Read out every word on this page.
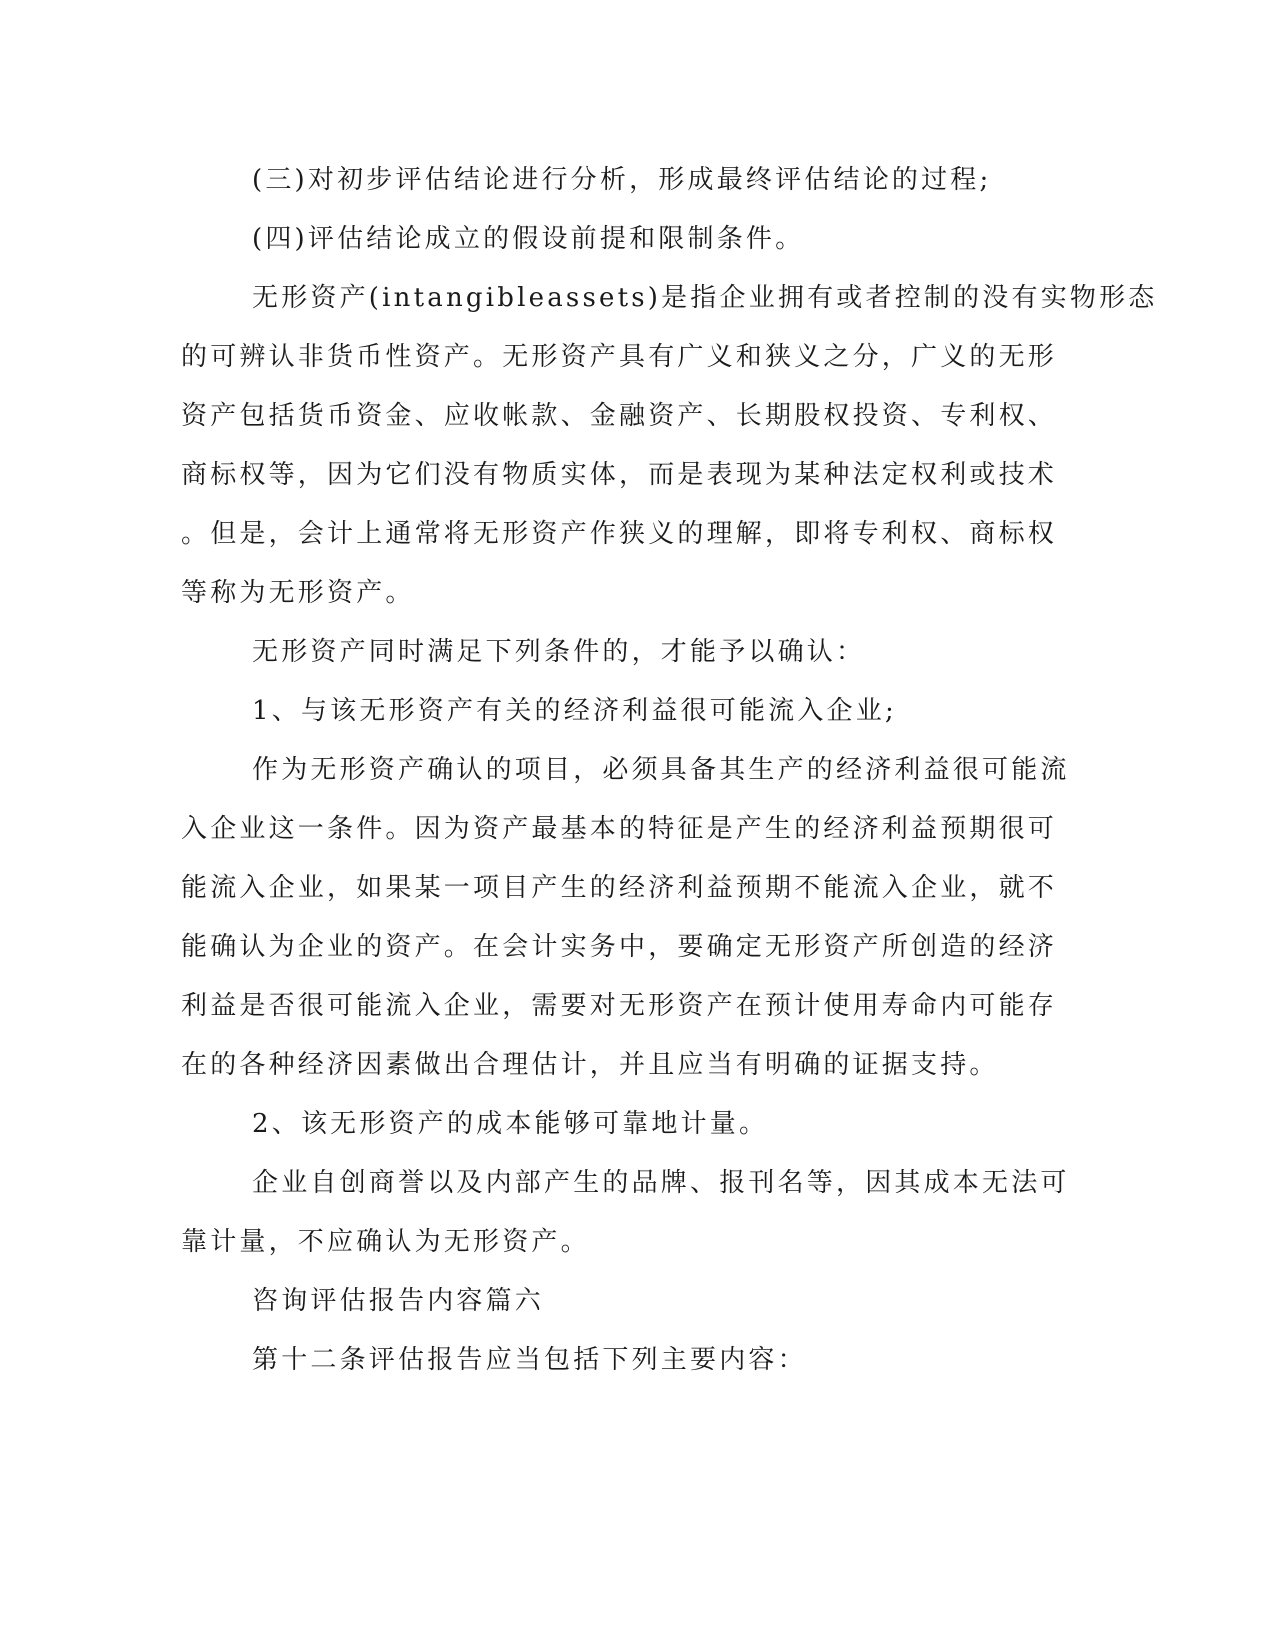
(三)对初步评估结论进行分析，形成最终评估结论的过程;
(四)评估结论成立的假设前提和限制条件。
无形资产(intangibleassets)是指企业拥有或者控制的没有实物形态
的可辨认非货币性资产。无形资产具有广义和狭义之分，广义的无形
资产包括货币资金、应收帐款、金融资产、长期股权投资、专利权、
商标权等，因为它们没有物质实体，而是表现为某种法定权利或技术
。但是，会计上通常将无形资产作狭义的理解，即将专利权、商标权
等称为无形资产。
无形资产同时满足下列条件的，才能予以确认：
1、与该无形资产有关的经济利益很可能流入企业;
作为无形资产确认的项目，必须具备其生产的经济利益很可能流
入企业这一条件。因为资产最基本的特征是产生的经济利益预期很可
能流入企业，如果某一项目产生的经济利益预期不能流入企业，就不
能确认为企业的资产。在会计实务中，要确定无形资产所创造的经济
利益是否很可能流入企业，需要对无形资产在预计使用寿命内可能存
在的各种经济因素做出合理估计，并且应当有明确的证据支持。
2、该无形资产的成本能够可靠地计量。
企业自创商誉以及内部产生的品牌、报刊名等，因其成本无法可
靠计量，不应确认为无形资产。
咨询评估报告内容篇六
第十二条评估报告应当包括下列主要内容：
